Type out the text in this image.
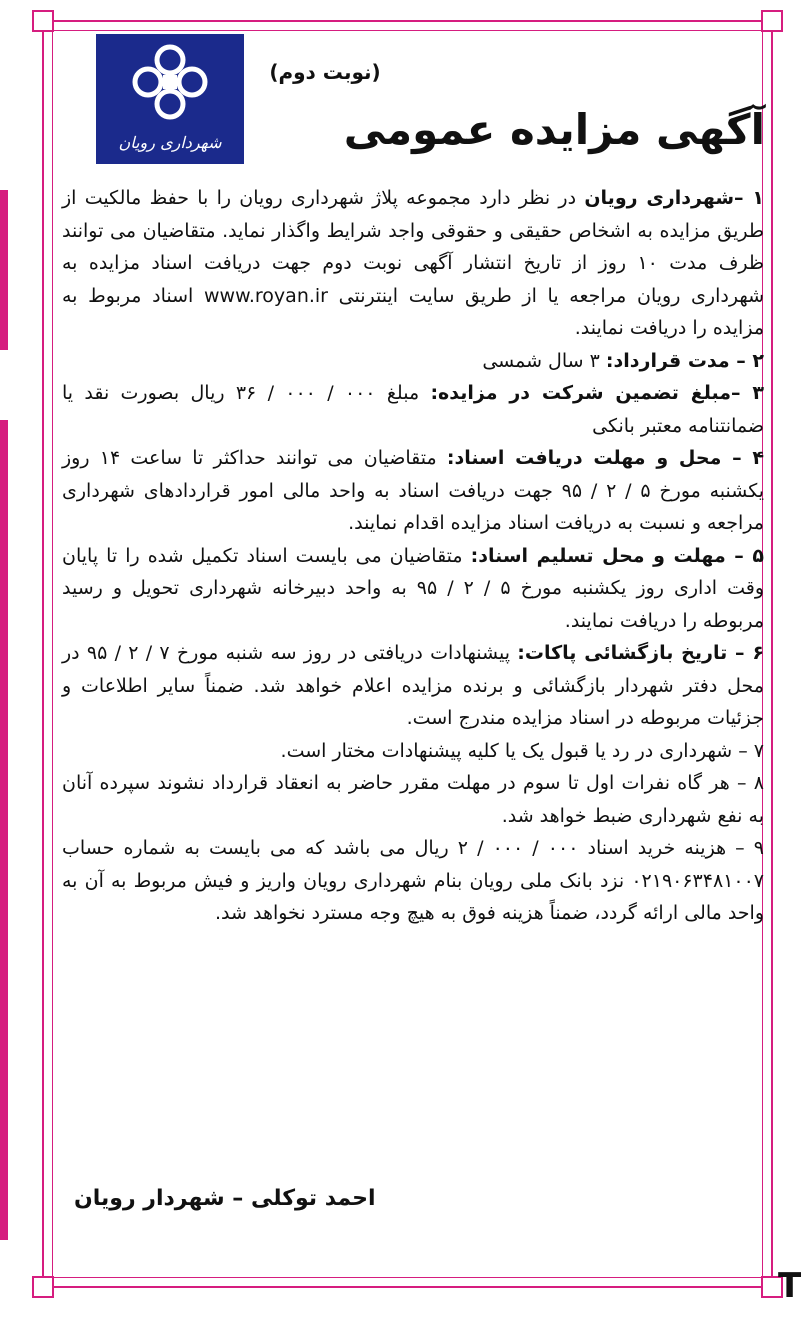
شهرداری رویان
(نوبت دوم)
آگهی مزایده عمومی

۱ –شهرداری رویان در نظر دارد مجموعه پلاژ شهرداری رویان را با حفظ مالکیت از طریق مزایده به اشخاص حقیقی و حقوقی واجد شرایط واگذار نماید. متقاضیان می توانند ظرف مدت ۱۰ روز از تاریخ انتشار آگهی نوبت دوم جهت دریافت اسناد مزایده به شهرداری رویان مراجعه یا از طریق سایت اینترنتی www.royan.ir اسناد مربوط به مزایده را دریافت نمایند.

۲ – مدت قرارداد: ۳ سال شمسی

۳ –مبلغ تضمین شرکت در مزایده: مبلغ ۰۰۰ / ۰۰۰ / ۳۶ ریال بصورت نقد یا ضمانتنامه معتبر بانکی

۴ – محل و مهلت دریافت اسناد: متقاضیان می توانند حداکثر تا ساعت ۱۴ روز یکشنبه مورخ ۵ / ۲ / ۹۵ جهت دریافت اسناد به واحد مالی امور قراردادهای شهرداری مراجعه و نسبت به دریافت اسناد مزایده اقدام نمایند.

۵ – مهلت و محل تسلیم اسناد: متقاضیان می بایست اسناد تکمیل شده را تا پایان وقت اداری روز یکشنبه مورخ ۵ / ۲ / ۹۵ به واحد دبیرخانه شهرداری تحویل و رسید مربوطه را دریافت نمایند.

۶ – تاریخ بازگشائی پاکات: پیشنهادات دریافتی در روز سه شنبه مورخ ۷ / ۲ / ۹۵ در محل دفتر شهردار بازگشائی و برنده مزایده اعلام خواهد شد. ضمناً سایر اطلاعات و جزئیات مربوطه در اسناد مزایده مندرج است.

۷ – شهرداری در رد یا قبول یک یا کلیه پیشنهادات مختار است.

۸ – هر گاه نفرات اول تا سوم در مهلت مقرر حاضر به انعقاد قرارداد نشوند سپرده آنان به نفع شهرداری ضبط خواهد شد.

۹ – هزینه خرید اسناد ۰۰۰ / ۰۰۰ / ۲ ریال می باشد که می بایست به شماره حساب ۰۲۱۹۰۶۳۴۸۱۰۰۷ نزد بانک ملی رویان بنام شهرداری رویان واریز و فیش مربوط به آن به واحد مالی ارائه گردد، ضمناً هزینه فوق به هیچ وجه مسترد نخواهد شد.

احمد توکلی – شهردار رویان
T
